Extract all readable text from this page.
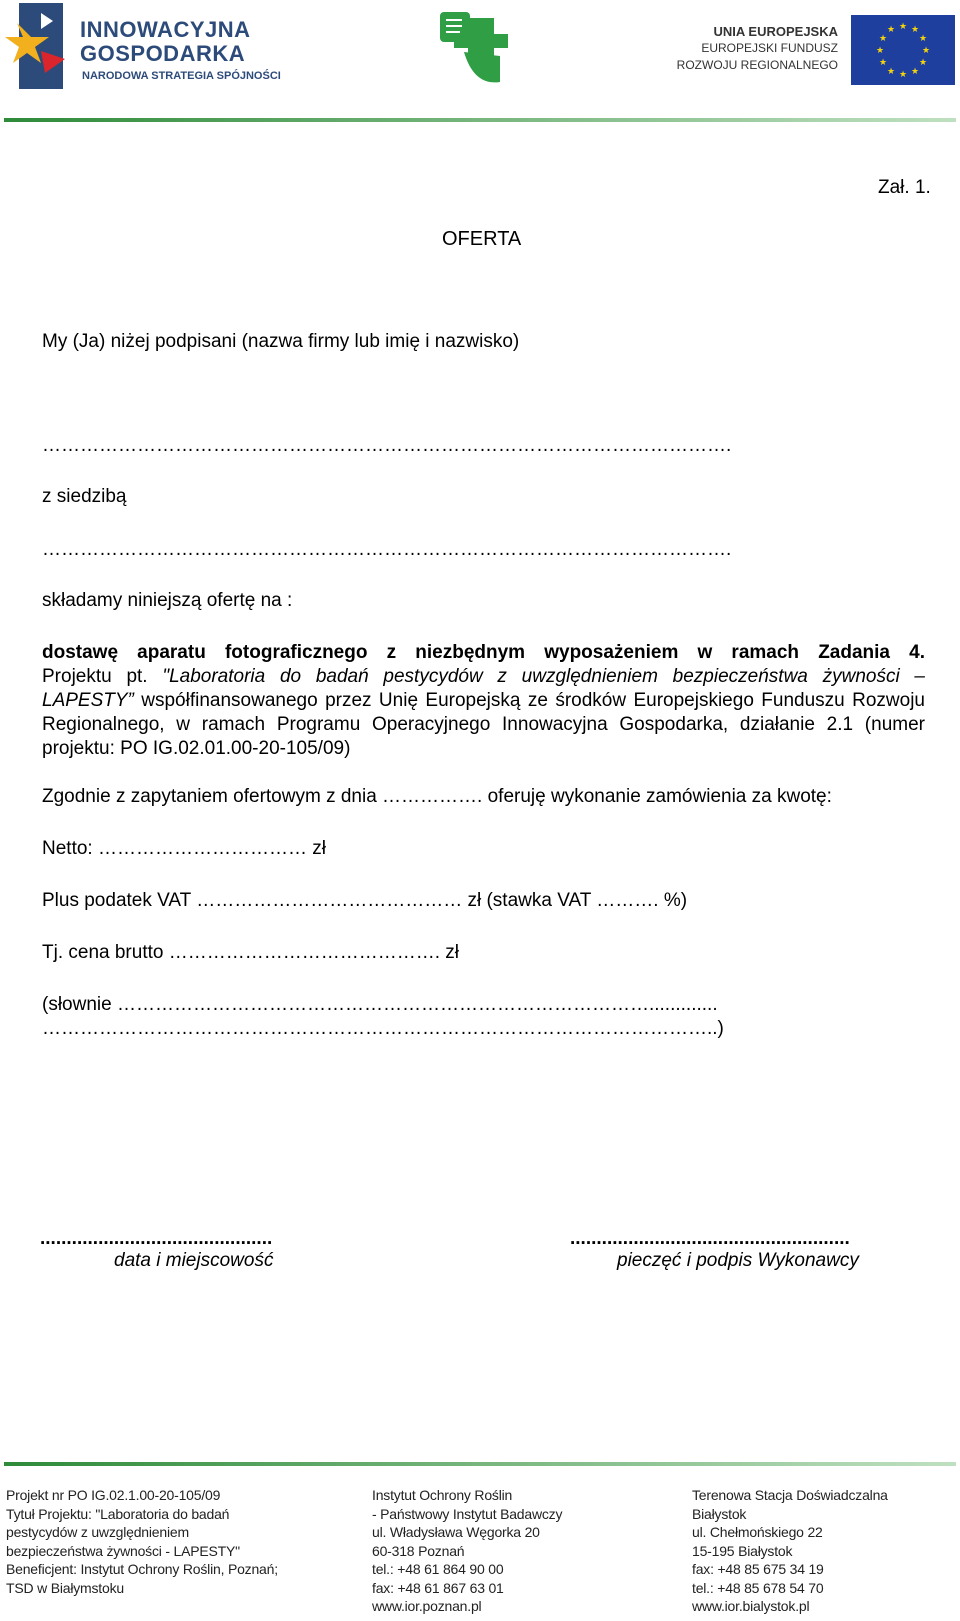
INNOWACYJNA
GOSPODARKA
NARODOWA STRATEGIA SPÓJNOŚCI
UNIA EUROPEJSKA
EUROPEJSKI FUNDUSZ
ROZWOJU REGIONALNEGO
★ ★
★
★
★
★
★
★
★
★
★
★
Zał. 1.
OFERTA
My (Ja) niżej podpisani (nazwa firmy lub imię i nazwisko)
……………………………………………………………………………………………….
z siedzibą
……………………………………………………………………………………………….
składamy niniejszą ofertę na :
dostawę aparatu fotograficznego z niezbędnym wyposażeniem w ramach Zadania 4.
Projektu pt. "Laboratoria do badań pestycydów z uwzględnieniem bezpieczeństwa żywności – LAPESTY” współfinansowanego przez Unię Europejską ze środków Europejskiego Funduszu Rozwoju Regionalnego, w ramach Programu Operacyjnego Innowacyjna Gospodarka, działanie 2.1 (numer projektu: PO IG.02.01.00-20-105/09)
Zgodnie z zapytaniem ofertowym z dnia ……………. oferuję wykonanie zamówienia za kwotę:
Netto: …………………………… zł
Plus podatek VAT …………………………………… zł (stawka VAT ………. %)
Tj. cena brutto ……………………………………. zł
(słownie ………………………………………………………………………….............
……………………………………………………………………………………………..)
............................................
data i miejscowość
.....................................................
pieczęć i podpis Wykonawcy
Projekt nr PO IG.02.1.00-20-105/09
Tytuł Projektu: "Laboratoria do badań
pestycydów z uwzględnieniem
bezpieczeństwa żywności - LAPESTY"
Beneficjent: Instytut Ochrony Roślin, Poznań;
TSD w Białymstoku
Instytut Ochrony Roślin
- Państwowy Instytut Badawczy
ul. Władysława Węgorka 20
60-318 Poznań
tel.: +48 61 864 90 00
fax: +48 61 867 63 01
www.ior.poznan.pl
Terenowa Stacja Doświadczalna
Białystok
ul. Chełmońskiego 22
15-195 Białystok
fax: +48 85 675 34 19
tel.: +48 85 678 54 70
www.ior.bialystok.pl
